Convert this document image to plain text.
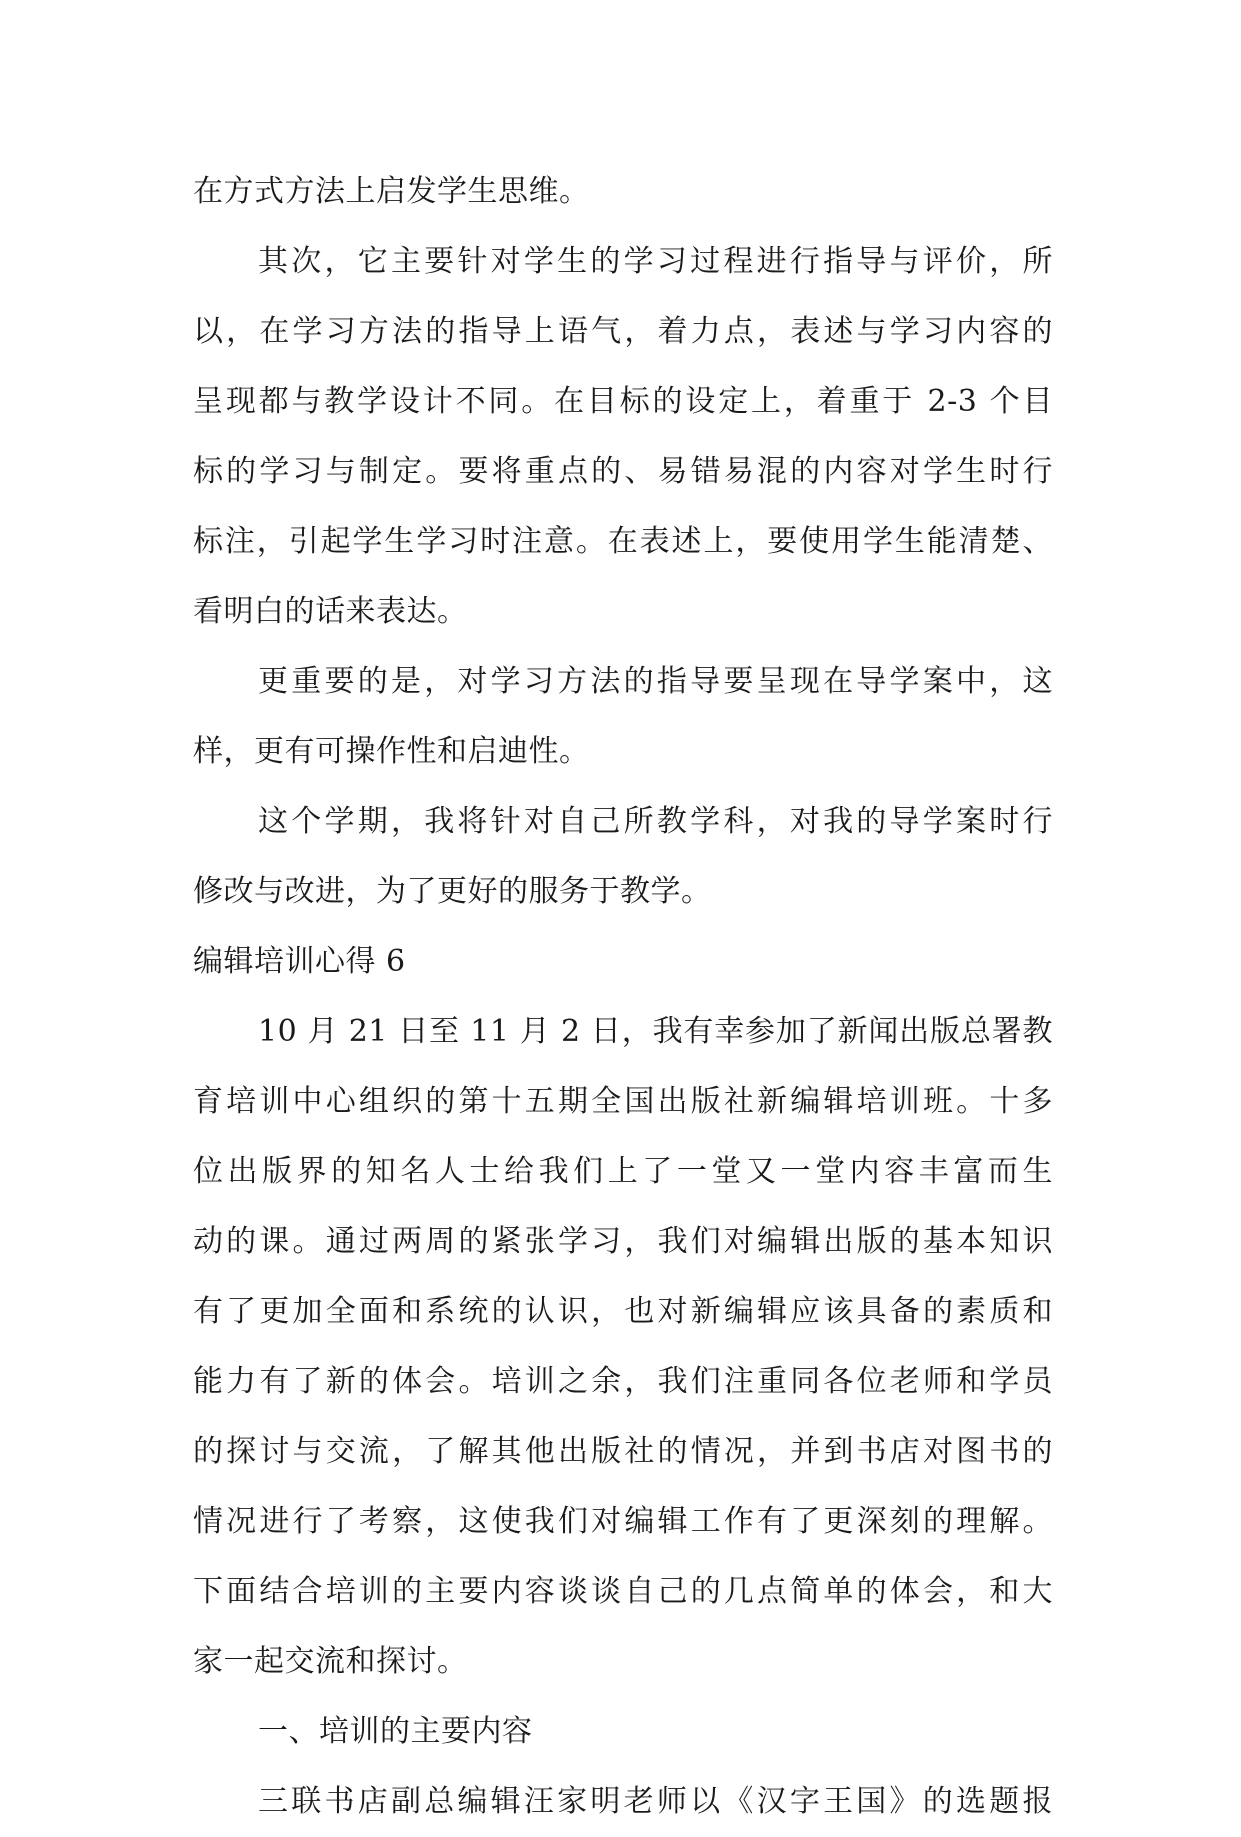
在方式方法上启发学生思维。
其次，它主要针对学生的学习过程进行指导与评价，所
以，在学习方法的指导上语气，着力点，表述与学习内容的
呈现都与教学设计不同。在目标的设定上，着重于 2-3 个目
标的学习与制定。要将重点的、易错易混的内容对学生时行
标注，引起学生学习时注意。在表述上，要使用学生能清楚、
看明白的话来表达。
更重要的是，对学习方法的指导要呈现在导学案中，这
样，更有可操作性和启迪性。
这个学期，我将针对自己所教学科，对我的导学案时行
修改与改进，为了更好的服务于教学。
编辑培训心得 6
10 月 21 日至 11 月 2 日，我有幸参加了新闻出版总署教
育培训中心组织的第十五期全国出版社新编辑培训班。十多
位出版界的知名人士给我们上了一堂又一堂内容丰富而生
动的课。通过两周的紧张学习，我们对编辑出版的基本知识
有了更加全面和系统的认识，也对新编辑应该具备的素质和
能力有了新的体会。培训之余，我们注重同各位老师和学员
的探讨与交流，了解其他出版社的情况，并到书店对图书的
情况进行了考察，这使我们对编辑工作有了更深刻的理解。
下面结合培训的主要内容谈谈自己的几点简单的体会，和大
家一起交流和探讨。
一、培训的主要内容
三联书店副总编辑汪家明老师以《汉字王国》的选题报
